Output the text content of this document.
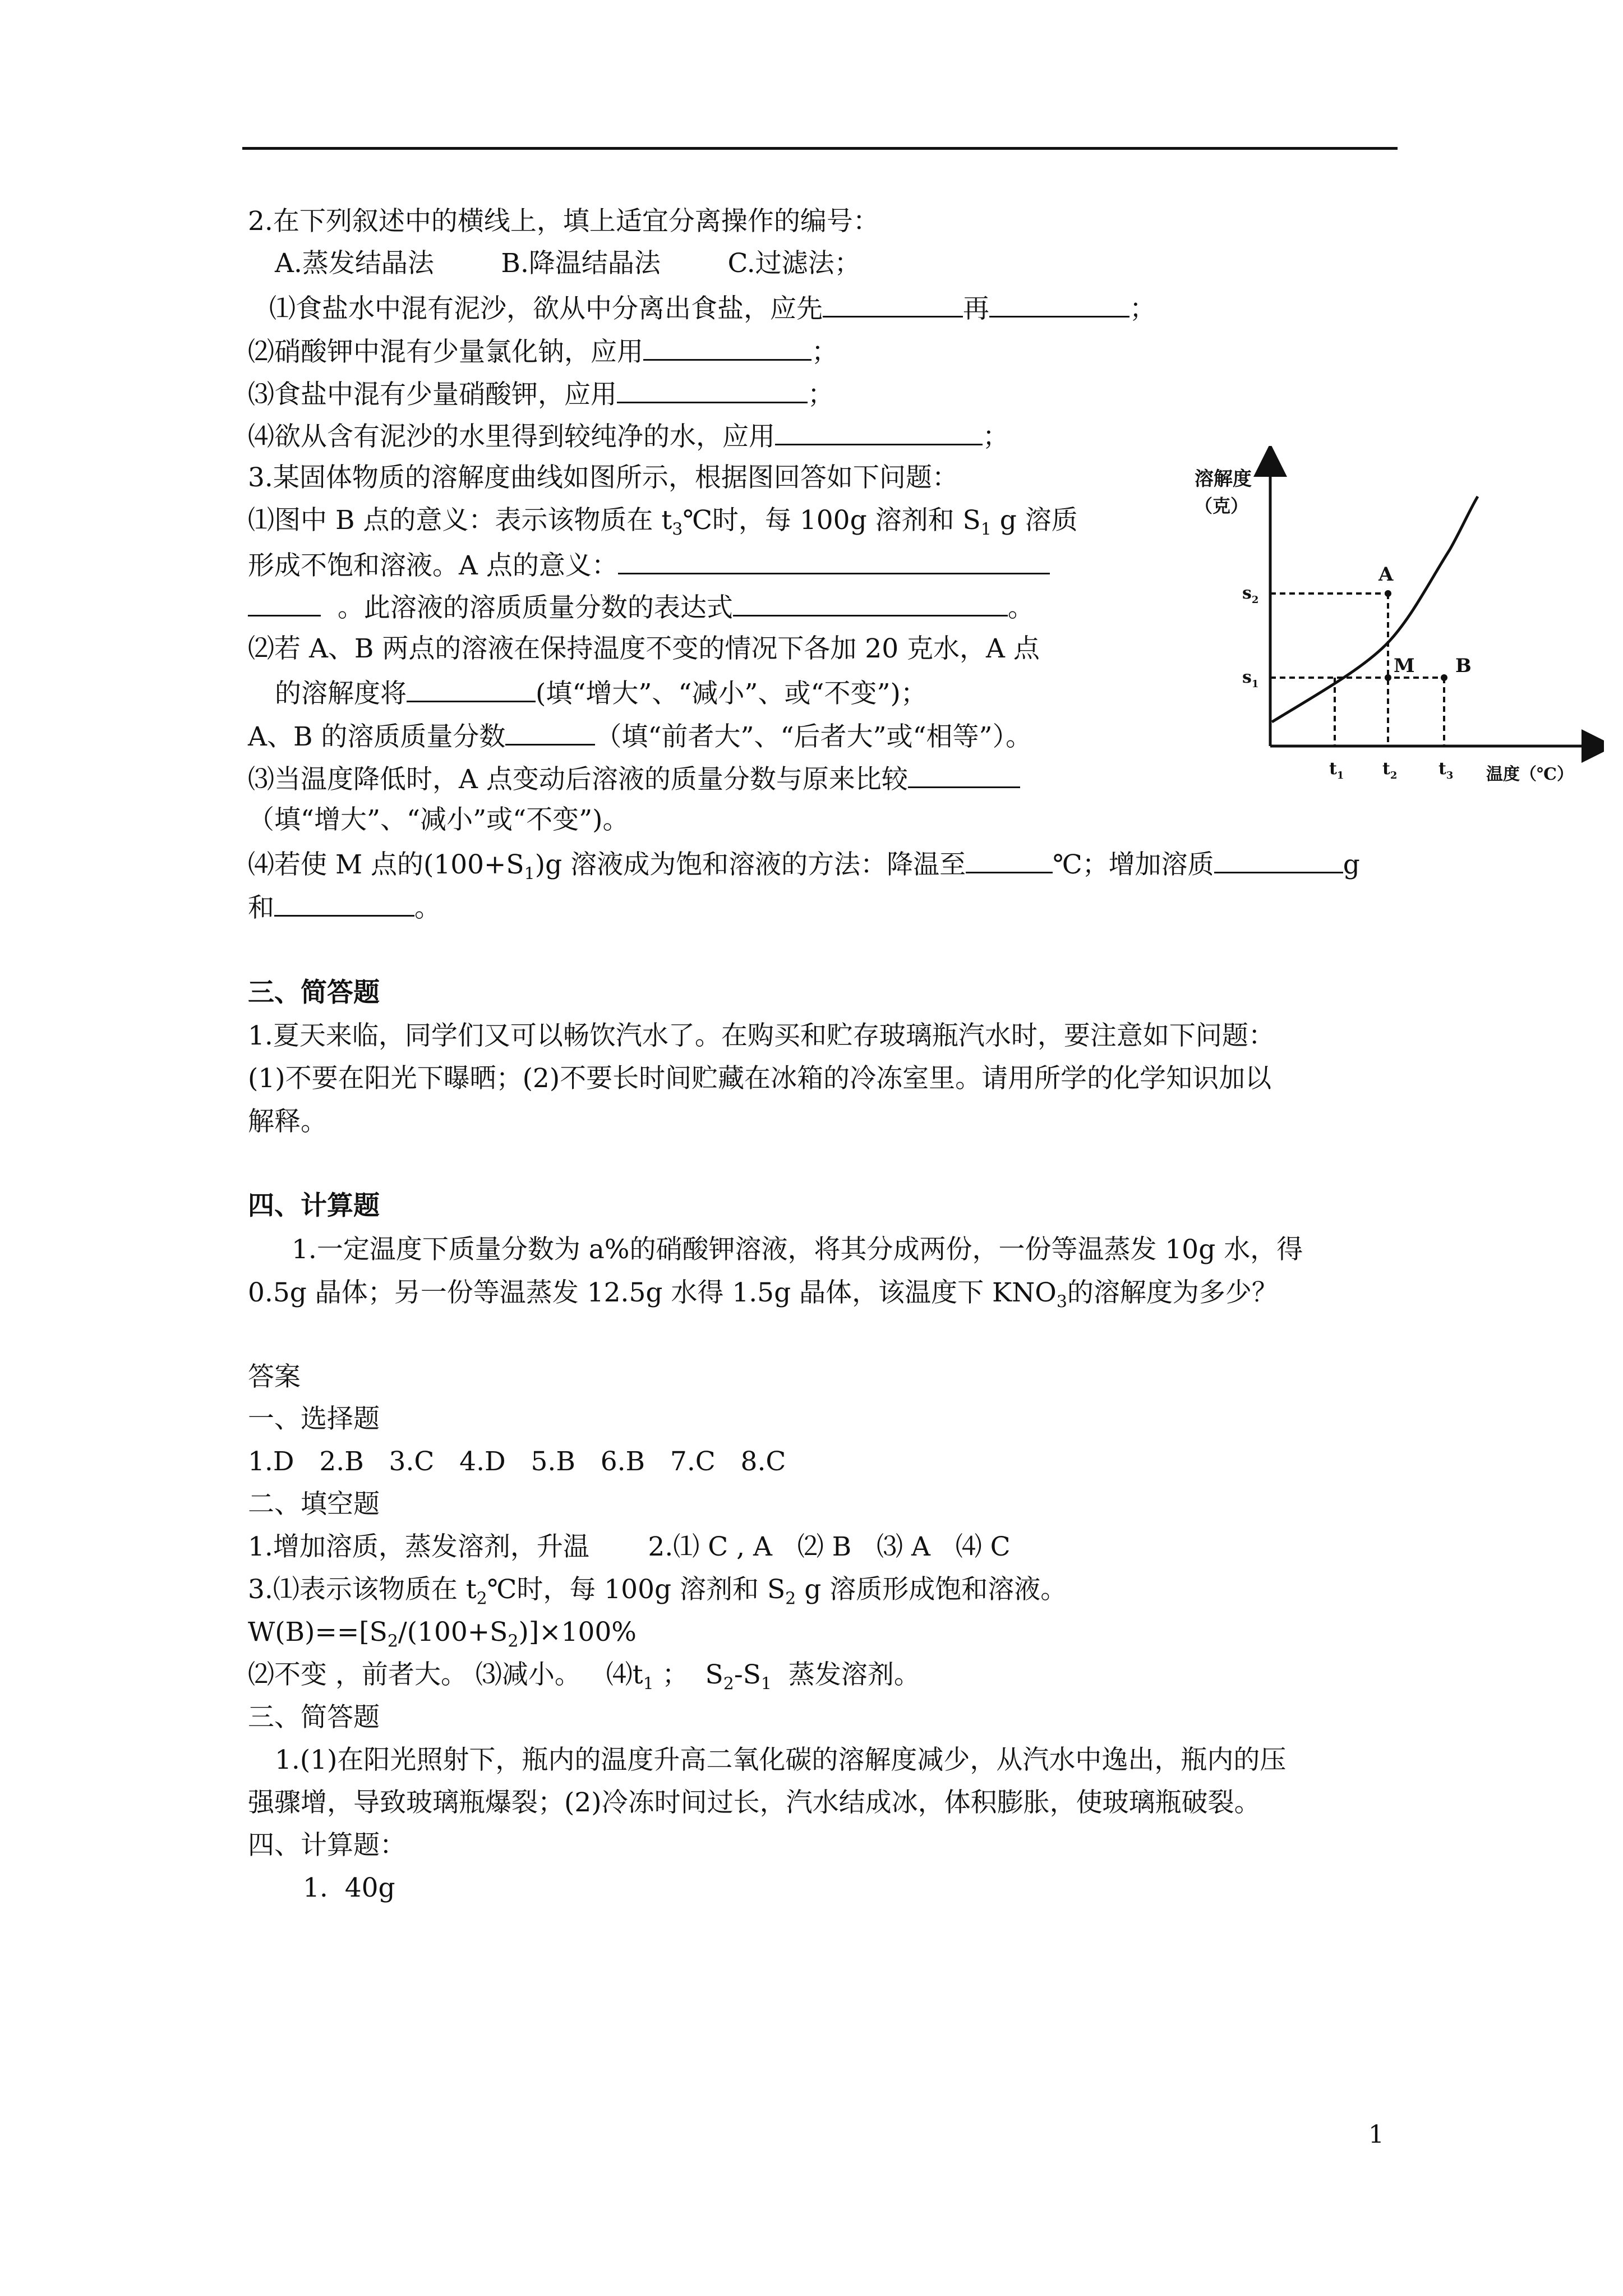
2.在下列叙述中的横线上，填上适宜分离操作的编号：
A.蒸发结晶法	B.降温结晶法	C.过滤法；
⑴食盐水中混有泥沙，欲从中分离出食盐，应先	再	；
⑵硝酸钾中混有少量氯化钠，应用	；
⑶食盐中混有少量硝酸钾，应用	；
⑷欲从含有泥沙的水里得到较纯净的水，应用	；
3.某固体物质的溶解度曲线如图所示，根据图回答如下问题：
⑴图中 B 点的意义：表示该物质在 $t_3℃$时，每 100g 溶剂和 $S_1$ g 溶质
形成不饱和溶液。A 点的意义：
。此溶液的溶质质量分数的表达式	。
⑵若 A、B 两点的溶液在保持温度不变的情况下各加 20 克水，A 点
的溶解度将	(填“增大”、“减小”、或“不变”)；
A、B 的溶质质量分数	（填“前者大”、“后者大”或“相等”）。
⑶当温度降低时，A 点变动后溶液的质量分数与原来比较
（填“增大”、“减小”或“不变”)。
⑷若使 M 点的$(100+S_1)g$ 溶液成为饱和溶液的方法：降温至	℃；增加溶质	g
和	。
溶解度
（克）
温度（℃）
$s_2$
$s_1$
$t_1$ $t_2$ $t_3$
A
M B
三、简答题
1.夏天来临，同学们又可以畅饮汽水了。在购买和贮存玻璃瓶汽水时，要注意如下问题：
(1)不要在阳光下曝晒；(2)不要长时间贮藏在冰箱的冷冻室里。请用所学的化学知识加以
解释。
四、计算题
1.一定温度下质量分数为 a%的硝酸钾溶液，将其分成两份，一份等温蒸发 10g 水，得
0.5g 晶体；另一份等温蒸发 12.5g 水得 1.5g 晶体，该温度下 $KNO_3$的溶解度为多少？
答案
一、选择题
1.D   2.B   3.C   4.D   5.B   6.B   7.C   8.C
二、填空题
1.增加溶质，蒸发溶剂，升温       2.⑴ C , A   ⑵ B   ⑶ A   ⑷ C
3.⑴表示该物质在 $t_2℃$时，每 100g 溶剂和 $S_2$ g 溶质形成饱和溶液。
$W(B)==[S_2/(100+S_2)]\times 100\%$
⑵不变 ，前者大。 ⑶减小。   $⑷t_1$ ；  $S_2-S_1$  蒸发溶剂。
三、简答题
1.(1)在阳光照射下，瓶内的温度升高二氧化碳的溶解度减少，从汽水中逸出，瓶内的压
强骤增，导致玻璃瓶爆裂；(2)冷冻时间过长，汽水结成冰，体积膨胀，使玻璃瓶破裂。
四、计算题：
1.  40g
1
